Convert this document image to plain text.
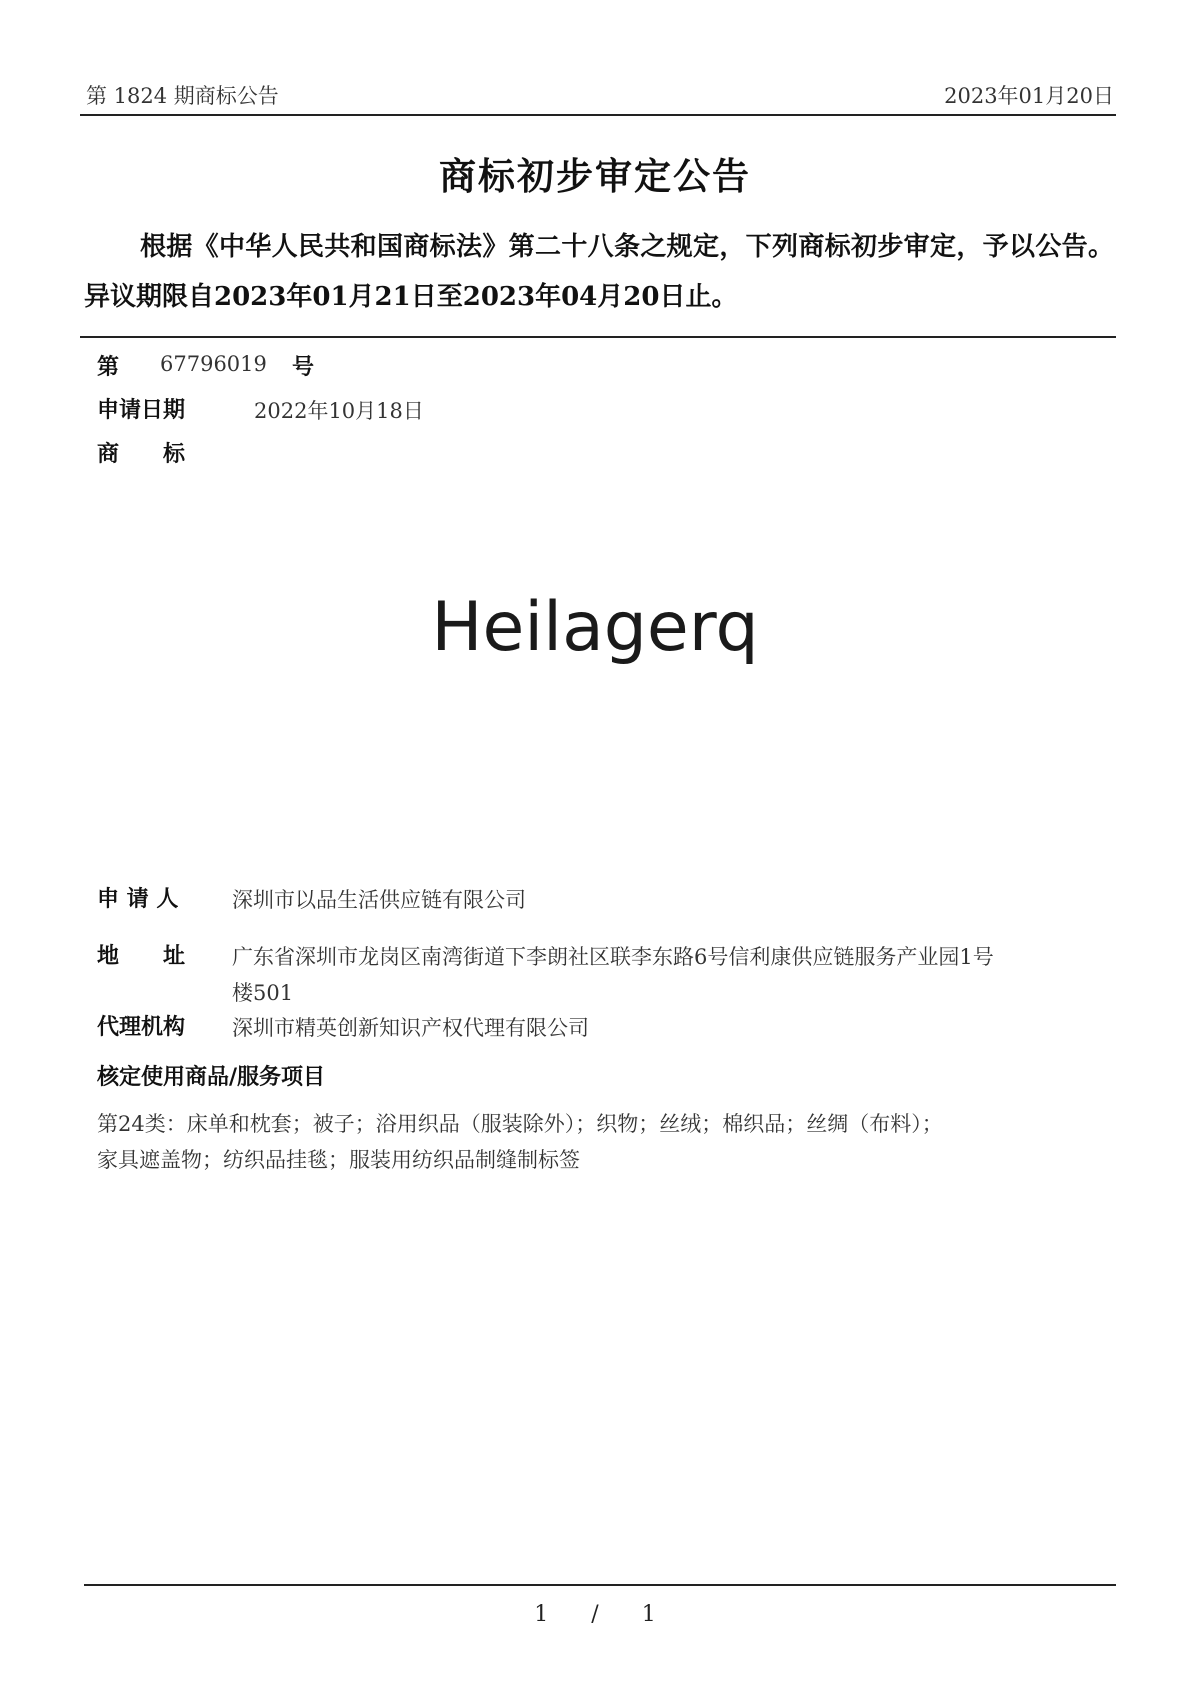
第 1824 期商标公告	2023年01月20日
商标初步审定公告
根据《中华人民共和国商标法》第二十八条之规定，下列商标初步审定，予以公告。异议期限自2023年01月21日至2023年04月20日止。
第 67796019 号
申请日期	2022年10月18日
商　　标
Heilagerq
申 请 人	深圳市以品生活供应链有限公司
地　　址 广东省深圳市龙岗区南湾街道下李朗社区联李东路6号信利康供应链服务产业园1号
楼501
代理机构 深圳市精英创新知识产权代理有限公司
核定使用商品/服务项目
第24类：床单和枕套；被子；浴用织品（服装除外）；织物；丝绒；棉织品；丝绸（布料）；
家具遮盖物；纺织品挂毯；服装用纺织品制缝制标签
1 / 1
